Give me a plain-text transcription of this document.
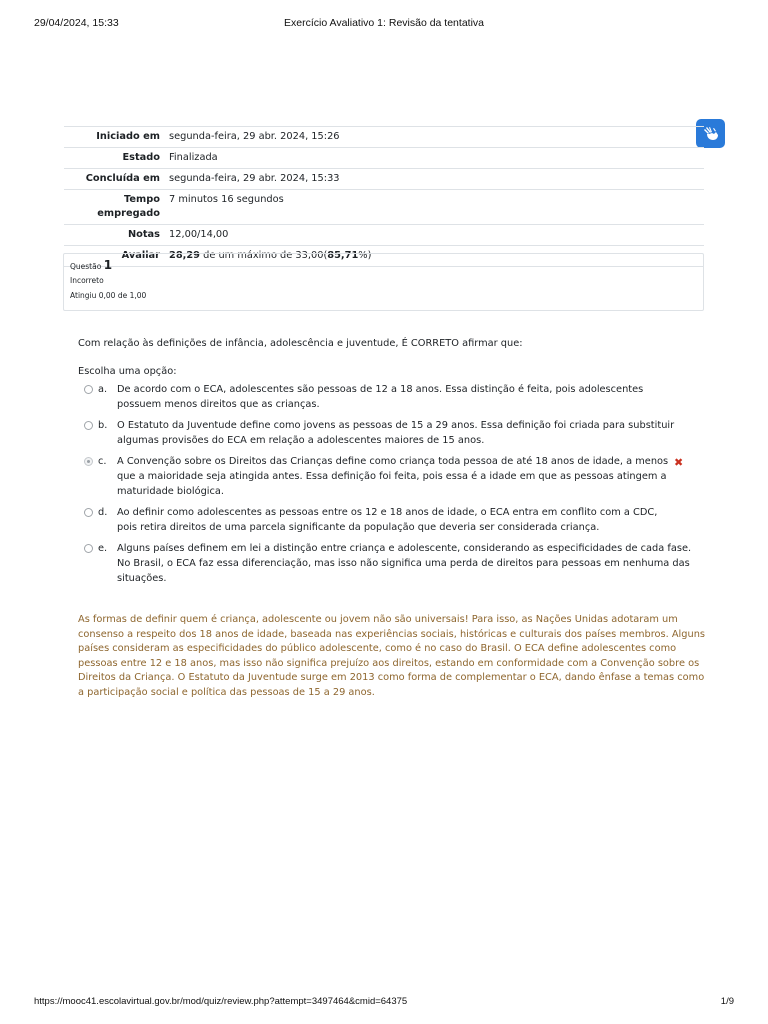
29/04/2024, 15:33	Exercício Avaliativo 1: Revisão da tentativa
Iniciado em	segunda-feira, 29 abr. 2024, 15:26
Estado	Finalizada
Concluída em	segunda-feira, 29 abr. 2024, 15:33
Tempo empregado	7 minutos 16 segundos
Notas	12,00/14,00
Avaliar	28,29 de um máximo de 33,00(85,71%)
Questão 1
Incorreto
Atingiu 0,00 de 1,00
Com relação às definições de infância, adolescência e juventude, É CORRETO afirmar que:
Escolha uma opção:
a. De acordo com o ECA, adolescentes são pessoas de 12 a 18 anos. Essa distinção é feita, pois adolescentes possuem menos direitos que as crianças.
b. O Estatuto da Juventude define como jovens as pessoas de 15 a 29 anos. Essa definição foi criada para substituir algumas provisões do ECA em relação a adolescentes maiores de 15 anos.
c. A Convenção sobre os Direitos das Crianças define como criança toda pessoa de até 18 anos de idade, a menos que a maioridade seja atingida antes. Essa definição foi feita, pois essa é a idade em que as pessoas atingem a maturidade biológica.
✖
d. Ao definir como adolescentes as pessoas entre os 12 e 18 anos de idade, o ECA entra em conflito com a CDC, pois retira direitos de uma parcela significante da população que deveria ser considerada criança.
e. Alguns países definem em lei a distinção entre criança e adolescente, considerando as especificidades de cada fase. No Brasil, o ECA faz essa diferenciação, mas isso não significa uma perda de direitos para pessoas em nenhuma das situações.
As formas de definir quem é criança, adolescente ou jovem não são universais! Para isso, as Nações Unidas adotaram um consenso a respeito dos 18 anos de idade, baseada nas experiências sociais, históricas e culturais dos países membros. Alguns países consideram as especificidades do público adolescente, como é no caso do Brasil. O ECA define adolescentes como pessoas entre 12 e 18 anos, mas isso não significa prejuízo aos direitos, estando em conformidade com a Convenção sobre os Direitos da Criança. O Estatuto da Juventude surge em 2013 como forma de complementar o ECA, dando ênfase a temas como a participação social e política das pessoas de 15 a 29 anos.
https://mooc41.escolavirtual.gov.br/mod/quiz/review.php?attempt=3497464&cmid=64375	1/9
